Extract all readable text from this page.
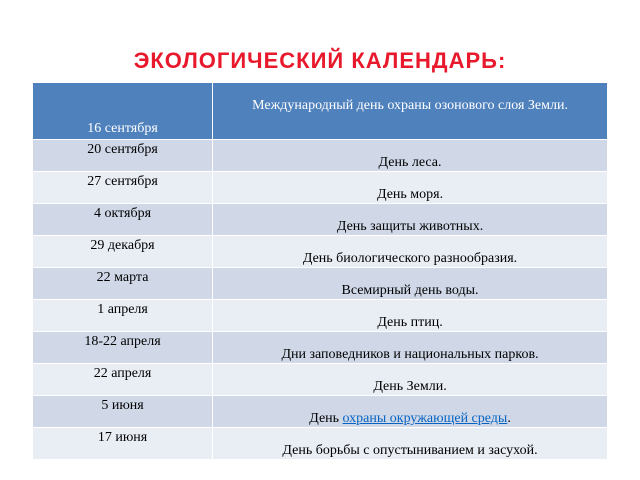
ЭКОЛОГИЧЕСКИЙ КАЛЕНДАРЬ:
16 сентября	Международный день охраны озонового слоя Земли.

20 сентября	День леса.

27 сентября	День моря.

4 октября	День защиты животных.

29 декабря	День биологического разнообразия.

22 марта	Всемирный день воды.

1 апреля	День птиц.

18-22 апреля	Дни заповедников и национальных парков.

22 апреля	День Земли.

5 июня	День охраны окружающей среды.

17 июня	День борьбы с опустыниванием и засухой.
